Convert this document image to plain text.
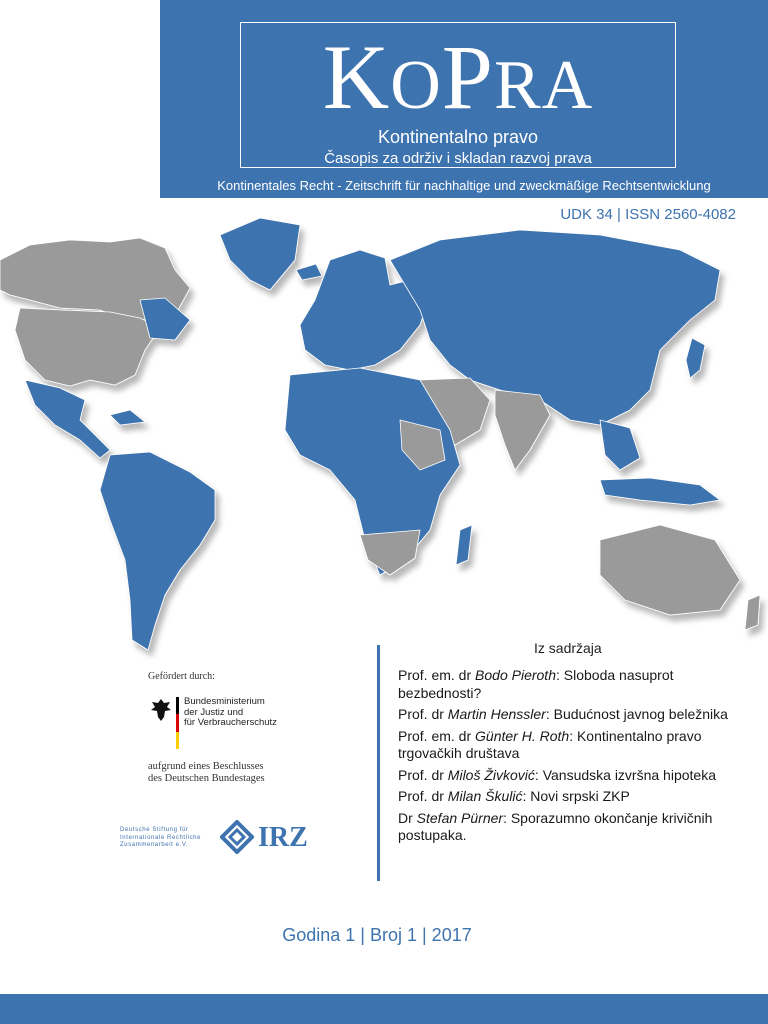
KOPRA
Kontinentalno pravo
Časopis za održiv i skladan razvoj prava
Kontinentales Recht - Zeitschrift für nachhaltige und zweckmäßige Rechtsentwicklung
UDK 34 | ISSN 2560-4082
Gefördert durch:
Bundesministerium
der Justiz und
für Verbraucherschutz
aufgrund eines Beschlusses
des Deutschen Bundestages
Deutsche Stiftung für
Internationale Rechtliche
Zusammenarbeit e.V.	IRZ
Iz sadržaja
Prof. em. dr Bodo Pieroth: Sloboda nasuprot bezbednosti?
Prof. dr Martin Henssler: Budućnost javnog beležnika
Prof. em. dr Günter H. Roth: Kontinentalno pravo trgovačkih društava
Prof. dr Miloš Živković: Vansudska izvršna hipoteka
Prof. dr Milan Škulić: Novi srpski ZKP
Dr Stefan Pürner: Sporazumno okončanje krivičnih postupaka.
Godina 1 | Broj 1 | 2017
